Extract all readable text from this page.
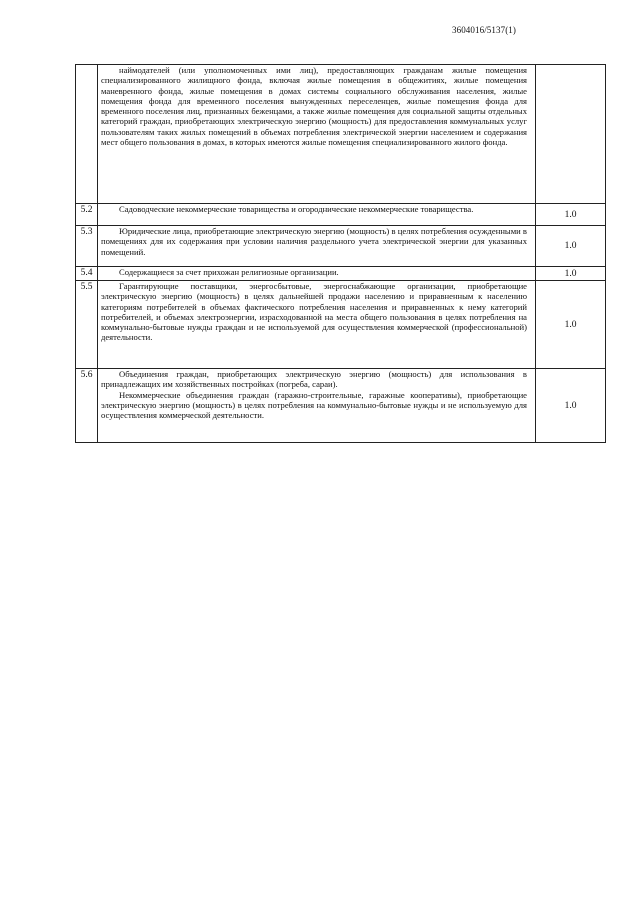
3604016/5137(1)

	наймодателей (или уполномоченных ими лиц), предоставляющих гражданам жилые помещения специализированного жилищного фонда, включая жилые помещения в общежитиях, жилые помещения маневренного фонда, жилые помещения в домах системы социального обслуживания населения, жилые помещения фонда для временного поселения вынужденных переселенцев, жилые помещения фонда для временного поселения лиц, признанных беженцами, а также жилые помещения для социальной защиты отдельных категорий граждан, приобретающих электрическую энергию (мощность) для предоставления коммунальных услуг пользователям таких жилых помещений в объемах потребления электрической энергии населением и содержания мест общего пользования в домах, в которых имеются жилые помещения специализированного жилого фонда.	

5.2	Садоводческие некоммерческие товарищества и огороднические некоммерческие товарищества.	1.0
5.3	Юридические лица, приобретающие электрическую энергию (мощность) в целях потребления осужденными в помещениях для их содержания при условии наличия раздельного учета электрической энергии для указанных помещений.	1.0
5.4	Содержащиеся за счет прихожан религиозные организации.	1.0
5.5	Гарантирующие поставщики, энергосбытовые, энергоснабжающие организации, приобретающие электрическую энергию (мощность) в целях дальнейшей продажи населению и приравненным к населению категориям потребителей в объемах фактического потребления населения и приравненных к нему категорий потребителей, и объемах электроэнергии, израсходованной на места общего пользования в целях потребления на коммунально-бытовые нужды граждан и не используемой для осуществления коммерческой (профессиональной) деятельности.	1.0
5.6	Объединения граждан, приобретающих электрическую энергию (мощность) для использования в принадлежащих им хозяйственных постройках (погреба, сараи).

Некоммерческие объединения граждан (гаражно-строительные, гаражные кооперативы), приобретающие электрическую энергию (мощность) в целях потребления на коммунально-бытовые нужды и не используемую для осуществления коммерческой деятельности.	1.0
